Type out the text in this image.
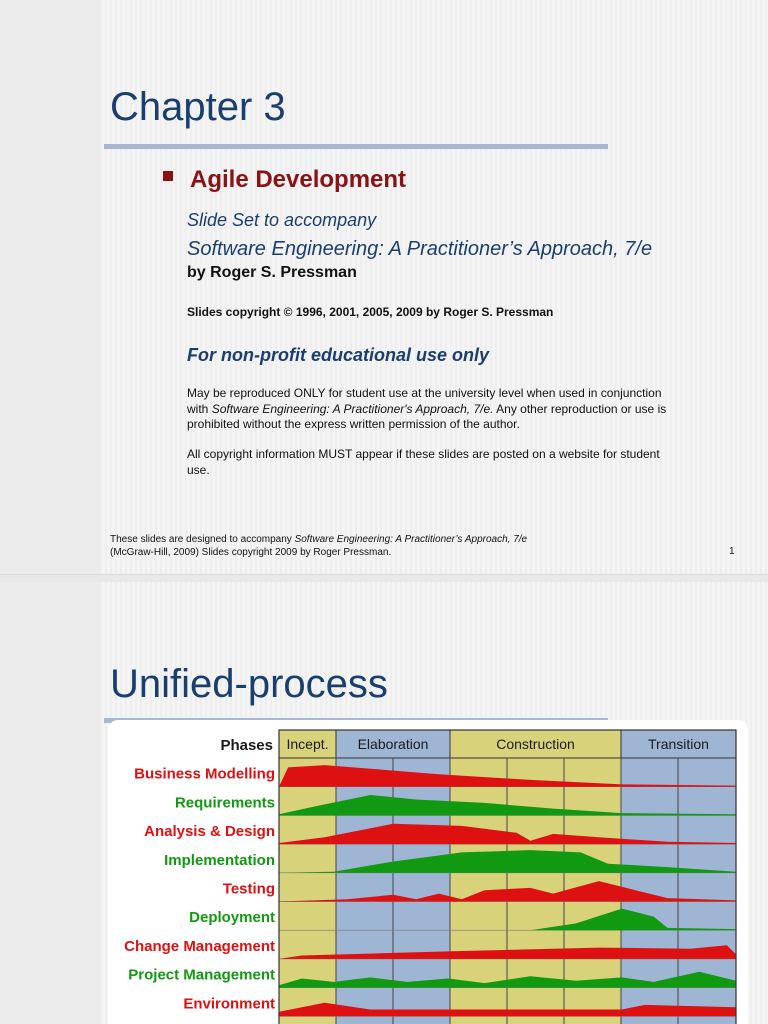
Chapter 3
Agile Development
Slide Set to accompany
Software Engineering: A Practitioner’s Approach, 7/e
by Roger S. Pressman
Slides copyright © 1996, 2001, 2005, 2009 by Roger S. Pressman
For non-profit educational use only
May be reproduced ONLY for student use at the university level when used in conjunction
with Software Engineering: A Practitioner's Approach, 7/e. Any other reproduction or use is
prohibited without the express written permission of the author.
All copyright information MUST appear if these slides are posted on a website for student
use.
These slides are designed to accompany Software Engineering: A Practitioner’s Approach, 7/e
(McGraw-Hill, 2009) Slides copyright 2009 by Roger Pressman.	1
Unified-process
Incept. Elaboration	Construction	Transition
Phases
Business Modelling
Requirements
Analysis & Design
Implementation
Testing
Deployment
Change Management
Project Management
Environment
